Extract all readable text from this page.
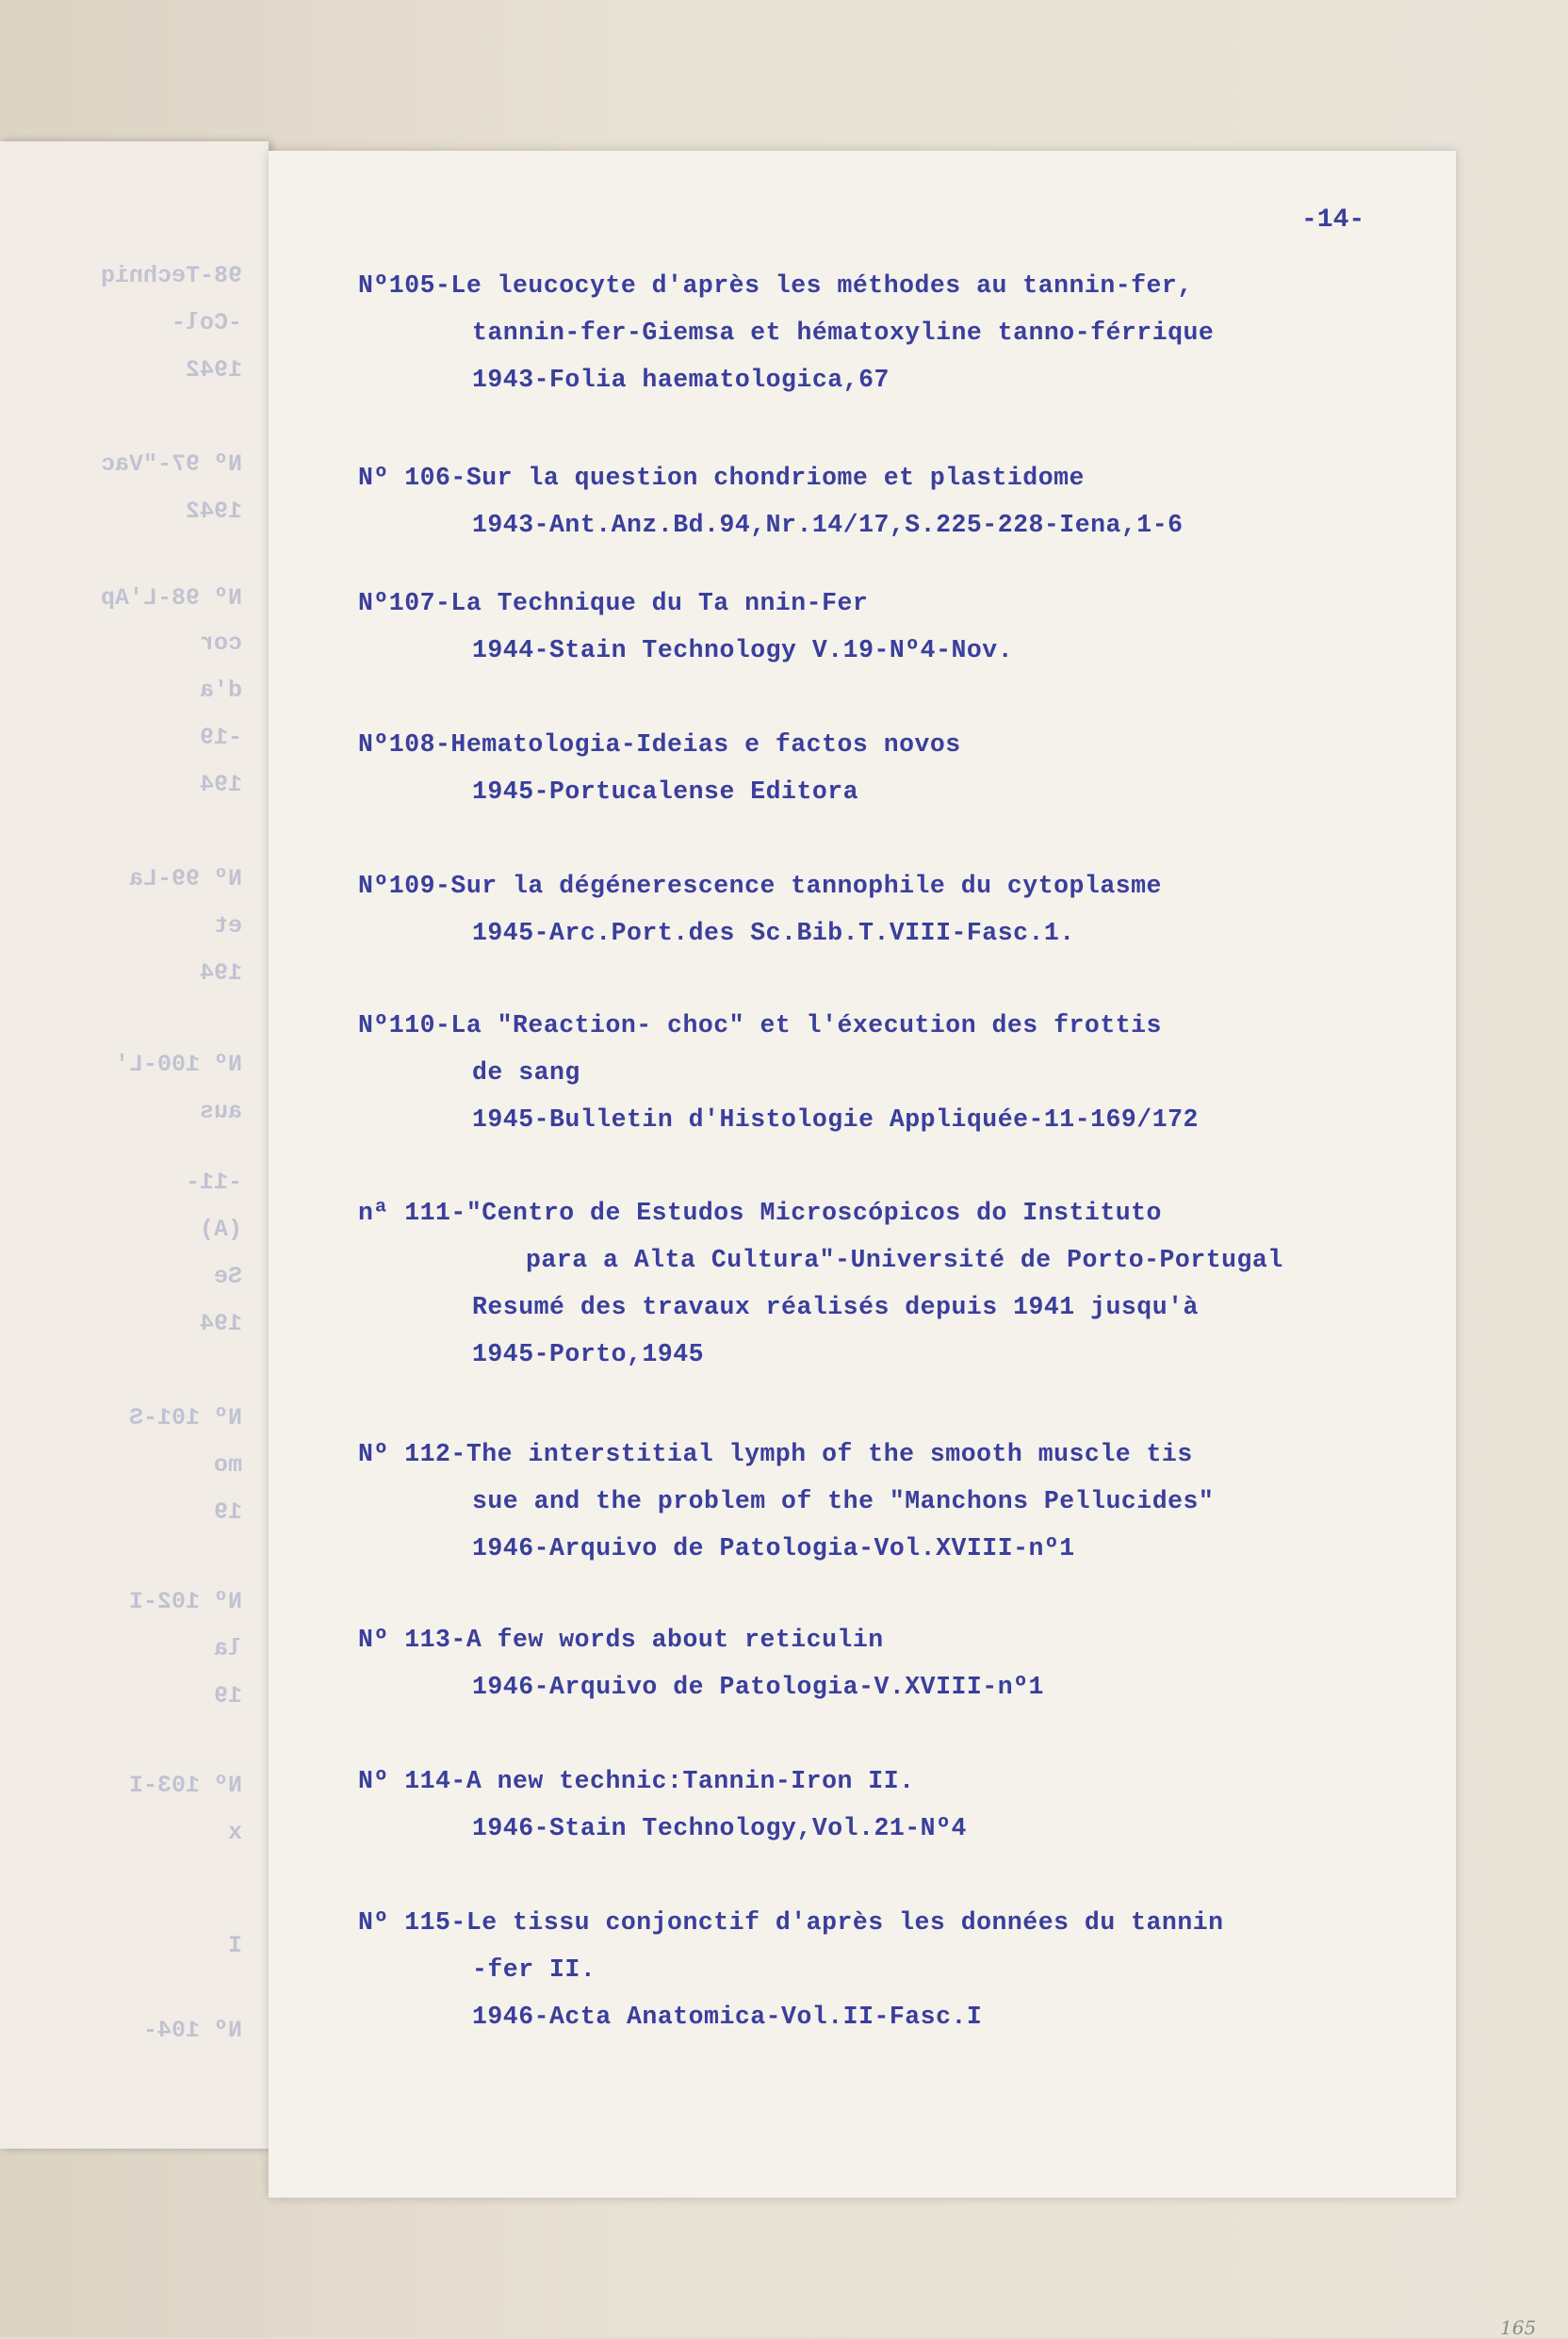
98-Techniq
-Col-
1942
Nº 97-"Vac
1942
Nº 98-L'Ap
cor
d'a
-19
194
Nº 99-La
et
194
Nº 100-L'
aus
-11-
(A)
Se
194
Nº 101-S
mo
19
Nº 102-I
la
19
Nº 103-I
x
I
Nº 104-
-14-
Nº105-Le leucocyte d'après les méthodes au tannin-fer,
tannin-fer-Giemsa et hématoxyline tanno-férrique
1943-Folia haematologica,67
Nº 106-Sur la question chondriome et plastidome
1943-Ant.Anz.Bd.94,Nr.14/17,S.225-228-Iena,1-6
Nº107-La Technique du Ta nnin-Fer
1944-Stain Technology V.19-Nº4-Nov.
Nº108-Hematologia-Ideias e factos novos
1945-Portucalense Editora
Nº109-Sur la dégénerescence tannophile du cytoplasme
1945-Arc.Port.des Sc.Bib.T.VIII-Fasc.1.
Nº110-La "Reaction- choc" et l'éxecution des frottis
de sang
1945-Bulletin d'Histologie Appliquée-11-169/172
nª 111-"Centro de Estudos Microscópicos do Instituto
para a Alta Cultura"-Université de Porto-Portugal
Resumé des travaux réalisés depuis 1941 jusqu'à
1945-Porto,1945
Nº 112-The interstitial lymph of the smooth muscle tis
sue and the problem of the "Manchons Pellucides"
1946-Arquivo de Patologia-Vol.XVIII-nº1
Nº 113-A few words about reticulin
1946-Arquivo de Patologia-V.XVIII-nº1
Nº 114-A new technic:Tannin-Iron II.
1946-Stain Technology,Vol.21-Nº4
Nº 115-Le tissu conjonctif d'après les données du tannin
-fer II.
1946-Acta Anatomica-Vol.II-Fasc.I
165
